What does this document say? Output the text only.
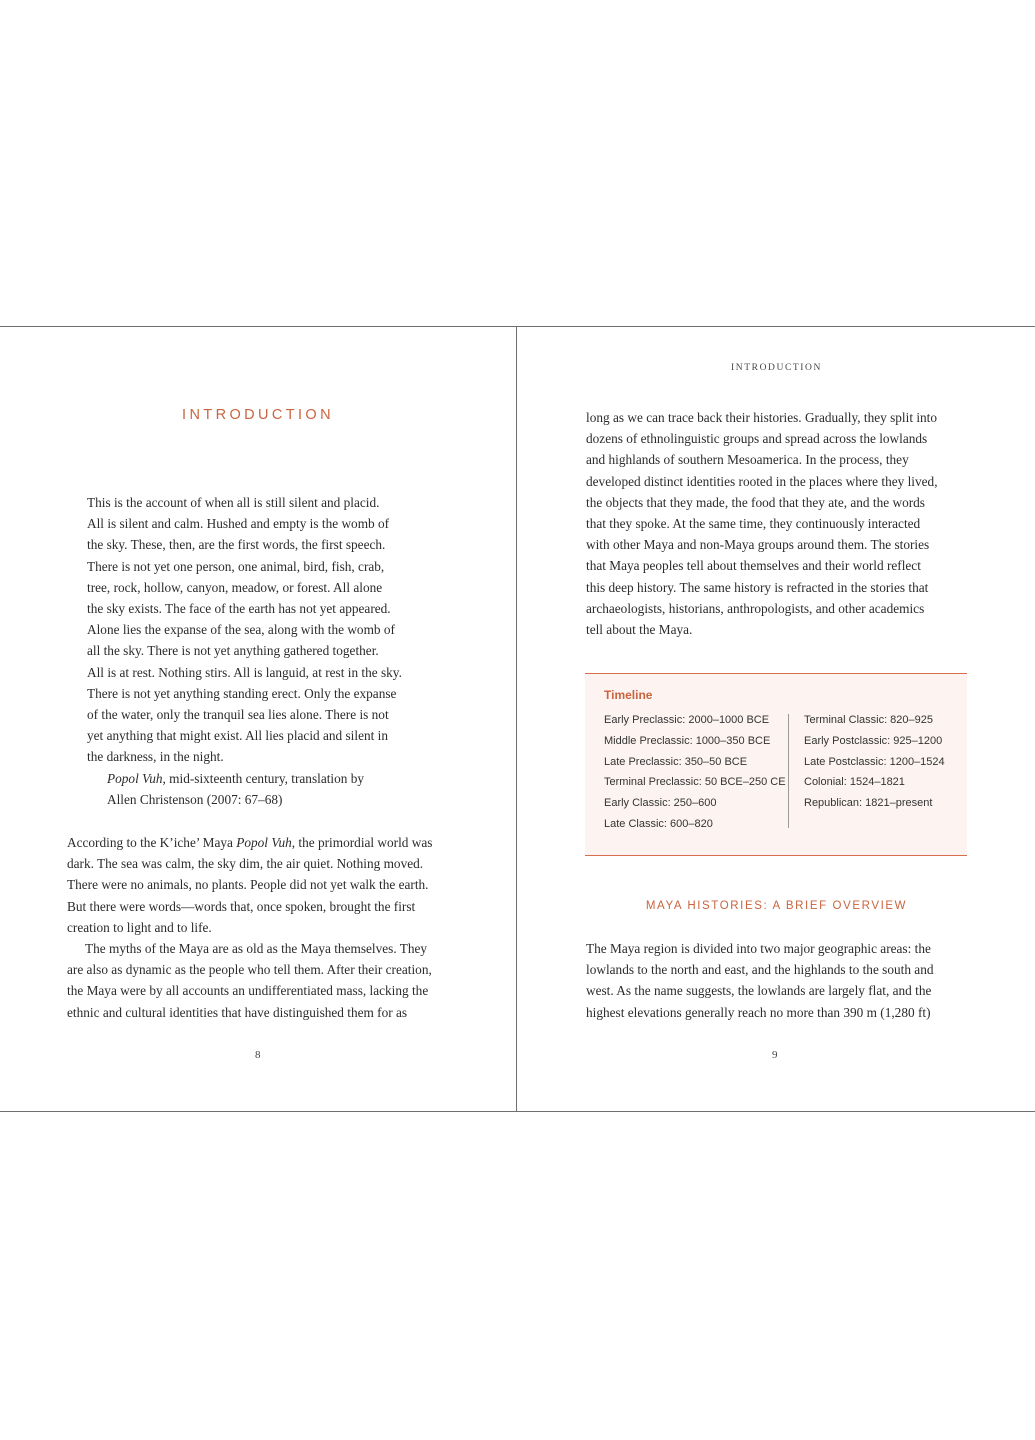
INTRODUCTION
This is the account of when all is still silent and placid.
All is silent and calm. Hushed and empty is the womb of
the sky. These, then, are the first words, the first speech.
There is not yet one person, one animal, bird, fish, crab,
tree, rock, hollow, canyon, meadow, or forest. All alone
the sky exists. The face of the earth has not yet appeared.
Alone lies the expanse of the sea, along with the womb of
all the sky. There is not yet anything gathered together.
All is at rest. Nothing stirs. All is languid, at rest in the sky.
There is not yet anything standing erect. Only the expanse
of the water, only the tranquil sea lies alone. There is not
yet anything that might exist. All lies placid and silent in
the darkness, in the night.
Popol Vuh, mid-sixteenth century, translation by
Allen Christenson (2007: 67–68)
According to the K’iche’ Maya Popol Vuh, the primordial world was
dark. The sea was calm, the sky dim, the air quiet. Nothing moved.
There were no animals, no plants. People did not yet walk the earth.
But there were words—words that, once spoken, brought the first
creation to light and to life.
The myths of the Maya are as old as the Maya themselves. They
are also as dynamic as the people who tell them. After their creation,
the Maya were by all accounts an undifferentiated mass, lacking the
ethnic and cultural identities that have distinguished them for as
8
INTRODUCTION
long as we can trace back their histories. Gradually, they split into
dozens of ethnolinguistic groups and spread across the lowlands
and highlands of southern Mesoamerica. In the process, they
developed distinct identities rooted in the places where they lived,
the objects that they made, the food that they ate, and the words
that they spoke. At the same time, they continuously interacted
with other Maya and non-Maya groups around them. The stories
that Maya peoples tell about themselves and their world reflect
this deep history. The same history is refracted in the stories that
archaeologists, historians, anthropologists, and other academics
tell about the Maya.
Timeline
Early Preclassic: 2000–1000 BCE
Middle Preclassic: 1000–350 BCE
Late Preclassic: 350–50 BCE
Terminal Preclassic: 50 BCE–250 CE
Early Classic: 250–600
Late Classic: 600–820
Terminal Classic: 820–925
Early Postclassic: 925–1200
Late Postclassic: 1200–1524
Colonial: 1524–1821
Republican: 1821–present
MAYA HISTORIES: A BRIEF OVERVIEW
The Maya region is divided into two major geographic areas: the
lowlands to the north and east, and the highlands to the south and
west. As the name suggests, the lowlands are largely flat, and the
highest elevations generally reach no more than 390 m (1,280 ft)
9
